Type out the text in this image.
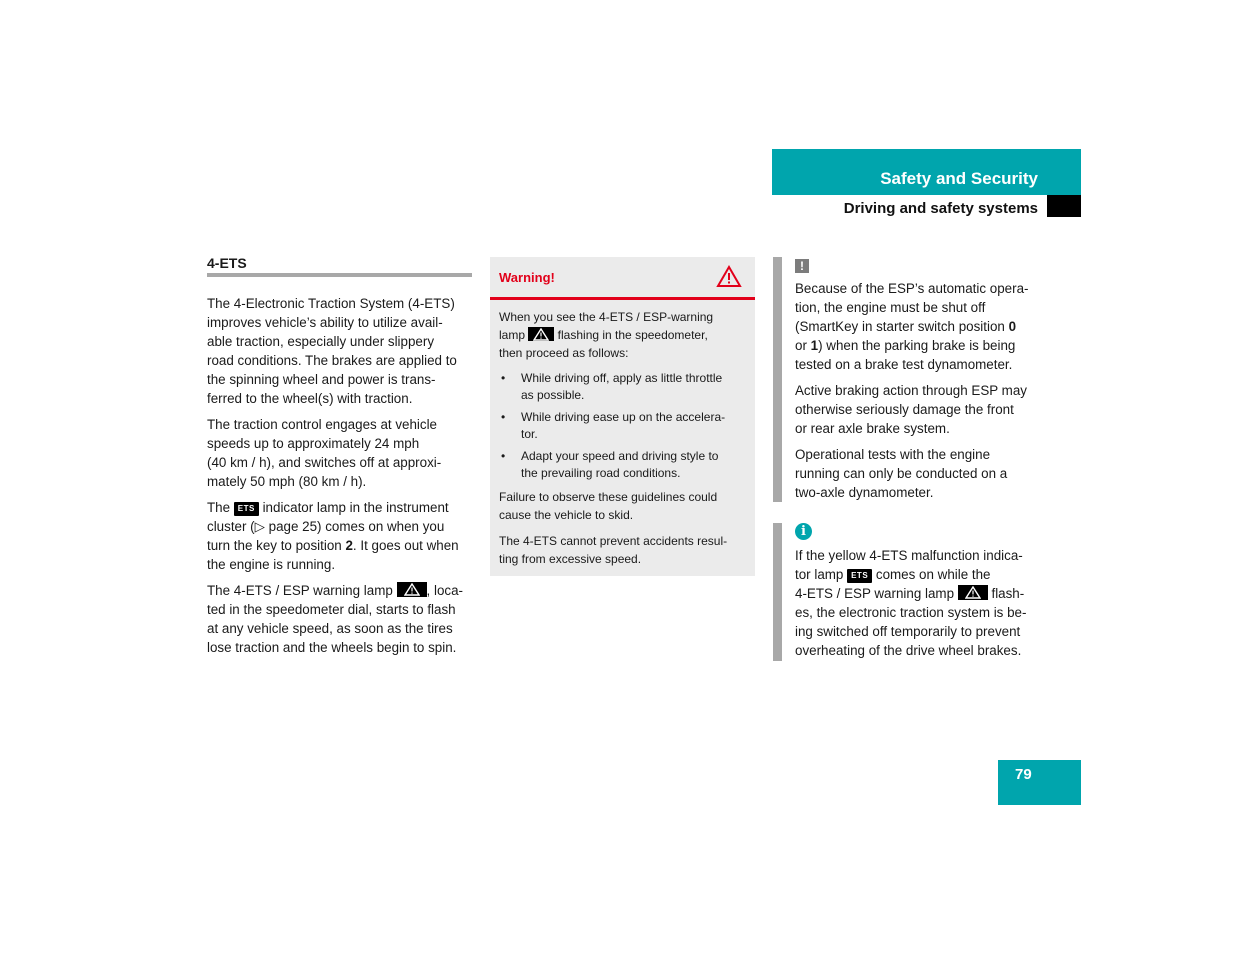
Safety and Security
Driving and safety systems
4-ETS

The 4-Electronic Traction System (4-ETS)
improves vehicle’s ability to utilize avail-
able traction, especially under slippery
road conditions. The brakes are applied to
the spinning wheel and power is trans-
ferred to the wheel(s) with traction.

The traction control engages at vehicle
speeds up to approximately 24 mph
(40 km / h), and switches off at approxi-
mately 50 mph (80 km / h).

The ETS indicator lamp in the instrument
cluster (▷ page 25) comes on when you
turn the key to position 2. It goes out when
the engine is running.

The 4-ETS / ESP warning lamp
, loca-
ted in the speedometer dial, starts to flash
at any vehicle speed, as soon as the tires
lose traction and the wheels begin to spin.

Warning!

When you see the 4-ETS / ESP-warning
lamp	flashing in the speedometer,
then proceed as follows:

• While driving off, apply as little throttle
as possible.
• While driving ease up on the accelera-
tor.
• Adapt your speed and driving style to
the prevailing road conditions.

Failure to observe these guidelines could
cause the vehicle to skid.

The 4-ETS cannot prevent accidents resul-
ting from excessive speed.

!

Because of the ESP’s automatic opera-
tion, the engine must be shut off
(SmartKey in starter switch position 0
or 1) when the parking brake is being
tested on a brake test dynamometer.

Active braking action through ESP may
otherwise seriously damage the front
or rear axle brake system.

Operational tests with the engine
running can only be conducted on a
two-axle dynamometer.

i

If the yellow 4-ETS malfunction indica-
tor lamp ETS comes on while the
4-ETS / ESP warning lamp	flash-
es, the electronic traction system is be-
ing switched off temporarily to prevent
overheating of the drive wheel brakes.

79
